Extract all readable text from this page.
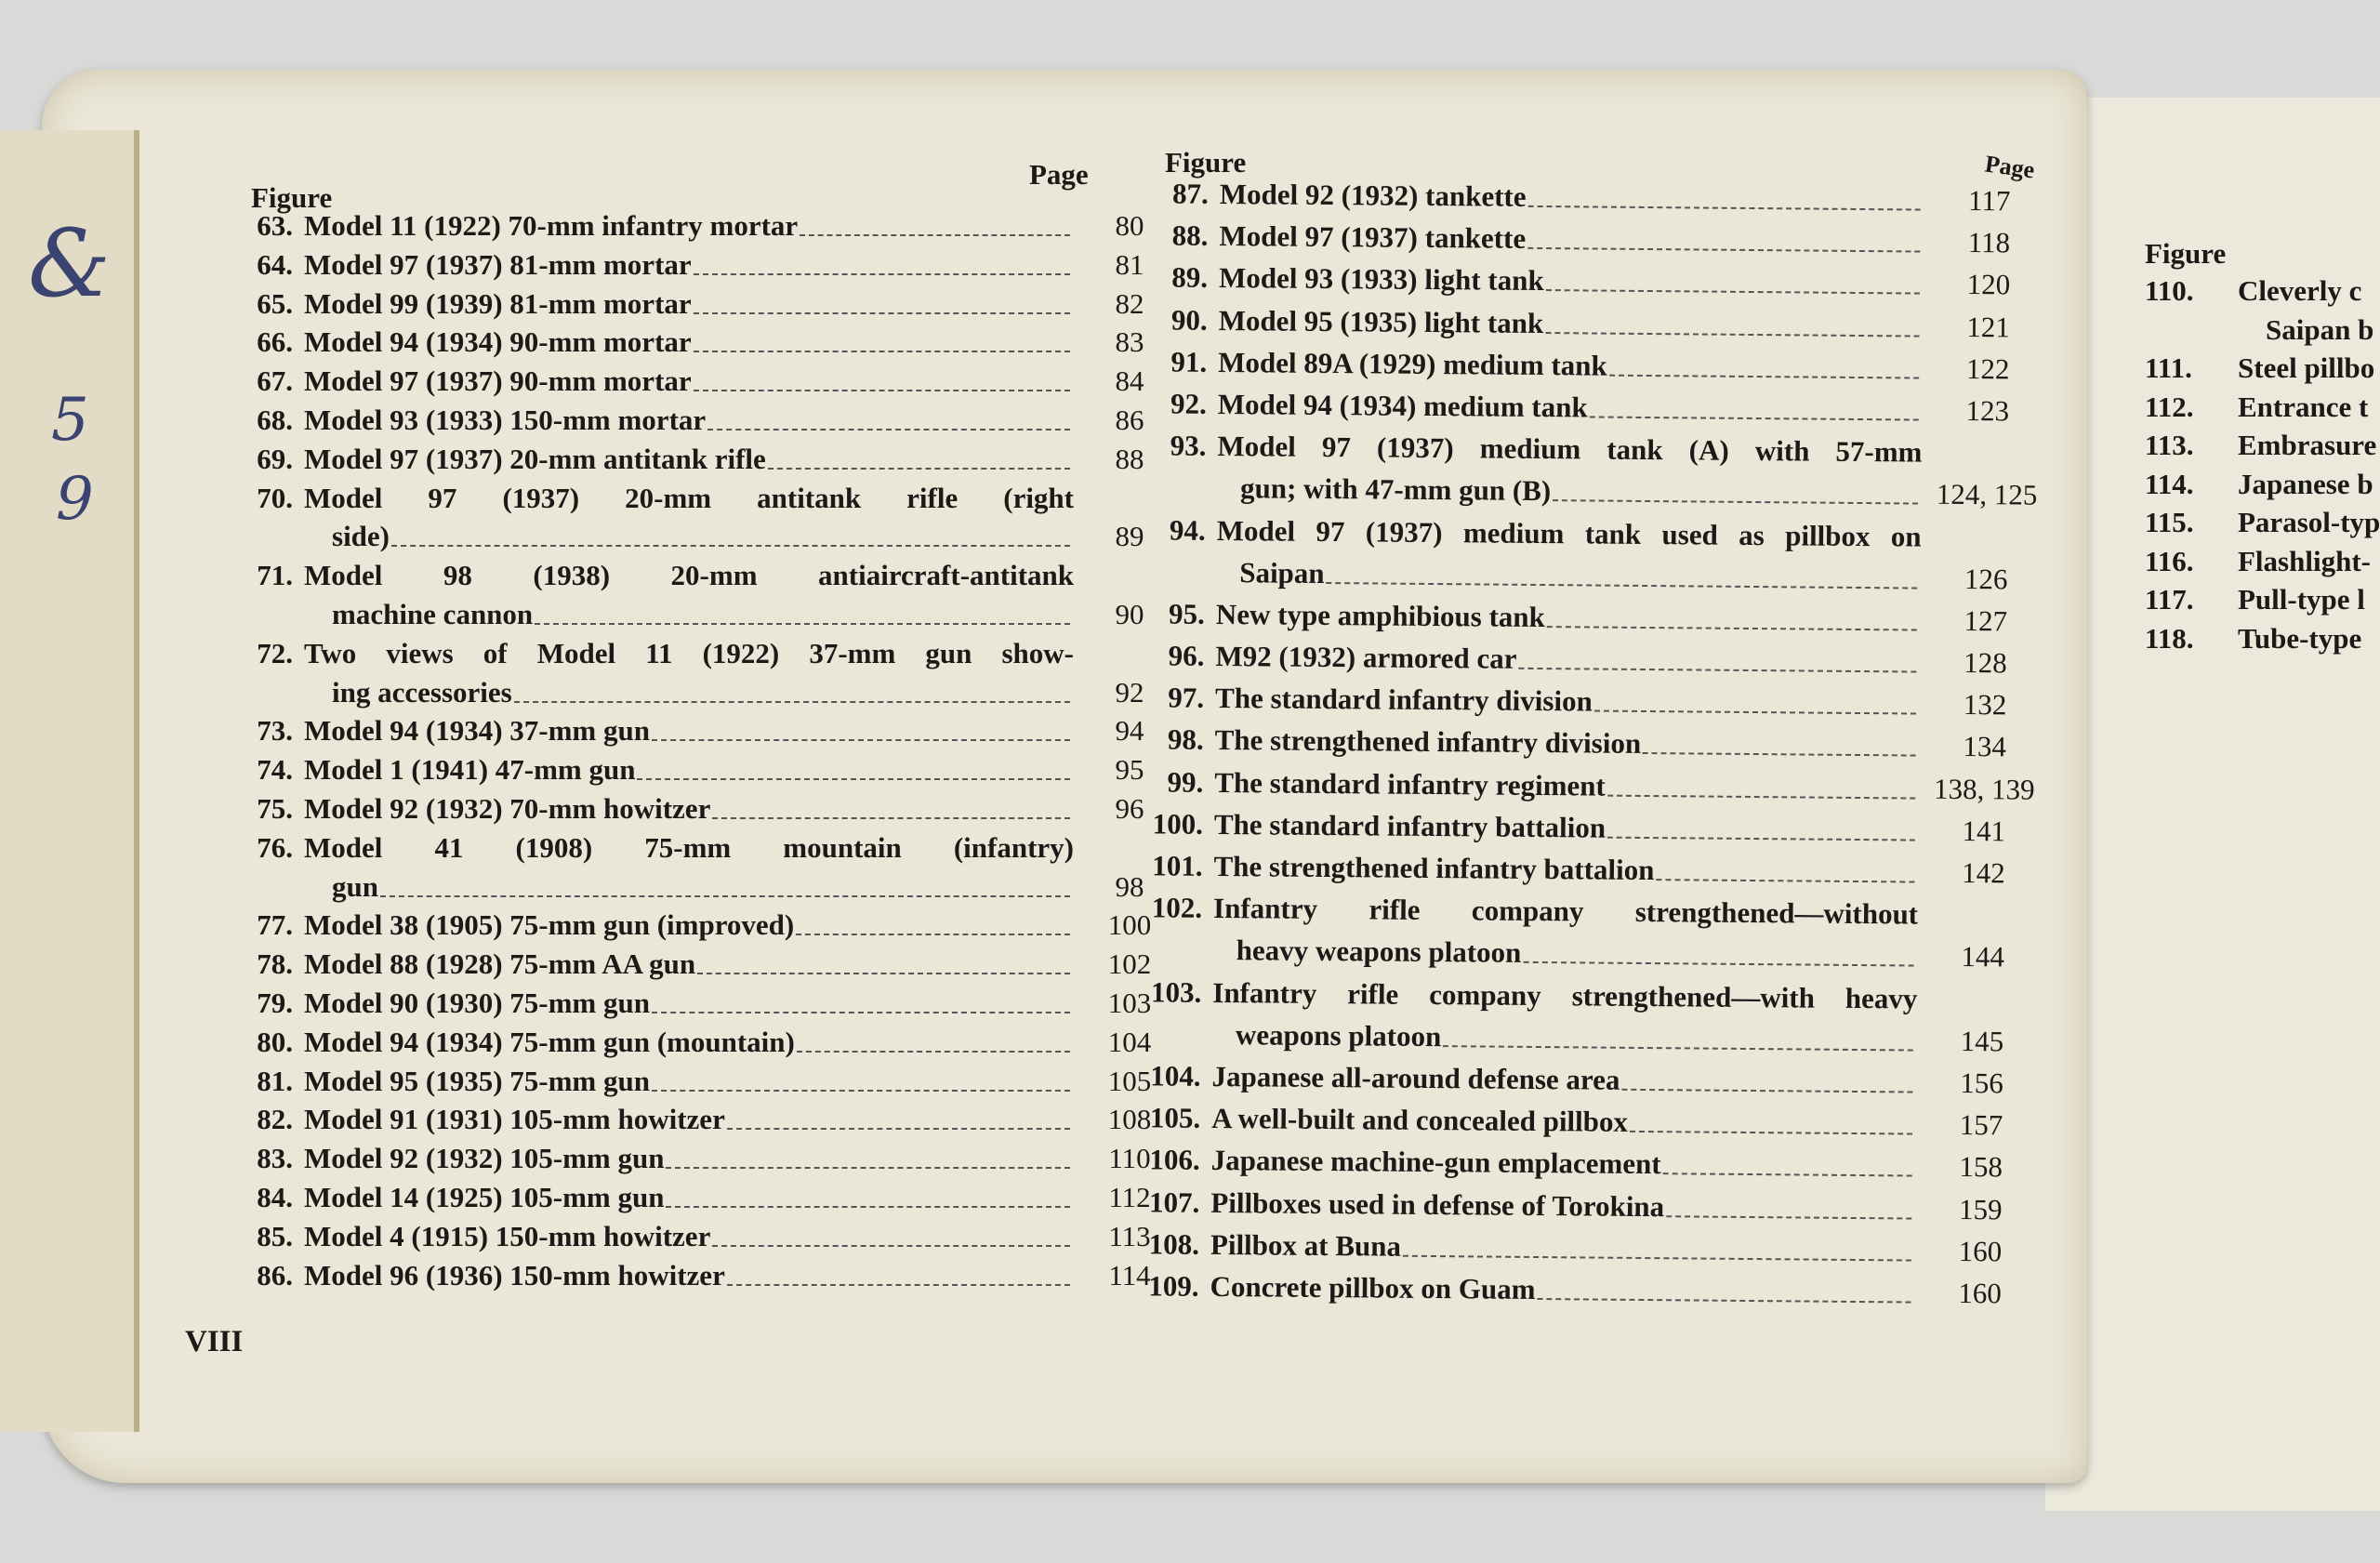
&
5
9
Figure
110.	Cleverly c
Saipan b
111.	Steel pillbo
112.	Entrance t
113.	Embrasure
114.	Japanese b
115.	Parasol-typ
116.	Flashlight-
117.	Pull-type l
118.	Tube-type
Figure
Page
63. Model 11 (1922) 70-mm infantry mortar	80
64. Model 97 (1937) 81-mm mortar	81
65. Model 99 (1939) 81-mm mortar	82
66. Model 94 (1934) 90-mm mortar	83
67. Model 97 (1937) 90-mm mortar	84
68. Model 93 (1933) 150-mm mortar	86
69. Model 97 (1937) 20-mm antitank rifle	88
70. Model 97 (1937) 20-mm antitank rifle (right
side)	89
71. Model 98 (1938) 20-mm antiaircraft-antitank
machine cannon	90
72. Two views of Model 11 (1922) 37-mm gun show-
ing accessories	92
73. Model 94 (1934) 37-mm gun	94
74. Model 1 (1941) 47-mm gun	95
75. Model 92 (1932) 70-mm howitzer	96
76. Model 41 (1908) 75-mm mountain (infantry)
gun	98
77. Model 38 (1905) 75-mm gun (improved)	100
78. Model 88 (1928) 75-mm AA gun	102
79. Model 90 (1930) 75-mm gun	103
80. Model 94 (1934) 75-mm gun (mountain)	104
81. Model 95 (1935) 75-mm gun	105
82. Model 91 (1931) 105-mm howitzer	108
83. Model 92 (1932) 105-mm gun	110
84. Model 14 (1925) 105-mm gun	112
85. Model 4 (1915) 150-mm howitzer	113
86. Model 96 (1936) 150-mm howitzer	114
Figure	Page
87. Model 92 (1932) tankette	117
88. Model 97 (1937) tankette	118
89. Model 93 (1933) light tank	120
90. Model 95 (1935) light tank	121
91. Model 89A (1929) medium tank	122
92. Model 94 (1934) medium tank	123
93. Model 97 (1937) medium tank (A) with 57-mm
gun; with 47-mm gun (B)	124, 125
94. Model 97 (1937) medium tank used as pillbox on
Saipan	126
95. New type amphibious tank	127
96. M92 (1932) armored car	128
97. The standard infantry division	132
98. The strengthened infantry division	134
99. The standard infantry regiment	138, 139
100. The standard infantry battalion	141
101. The strengthened infantry battalion	142
102. Infantry rifle company strengthened—without
heavy weapons platoon	144
103. Infantry rifle company strengthened—with heavy
weapons platoon	145
104. Japanese all-around defense area	156
105. A well-built and concealed pillbox	157
106. Japanese machine-gun emplacement	158
107. Pillboxes used in defense of Torokina	159
108. Pillbox at Buna	160
109. Concrete pillbox on Guam	160
VIII
